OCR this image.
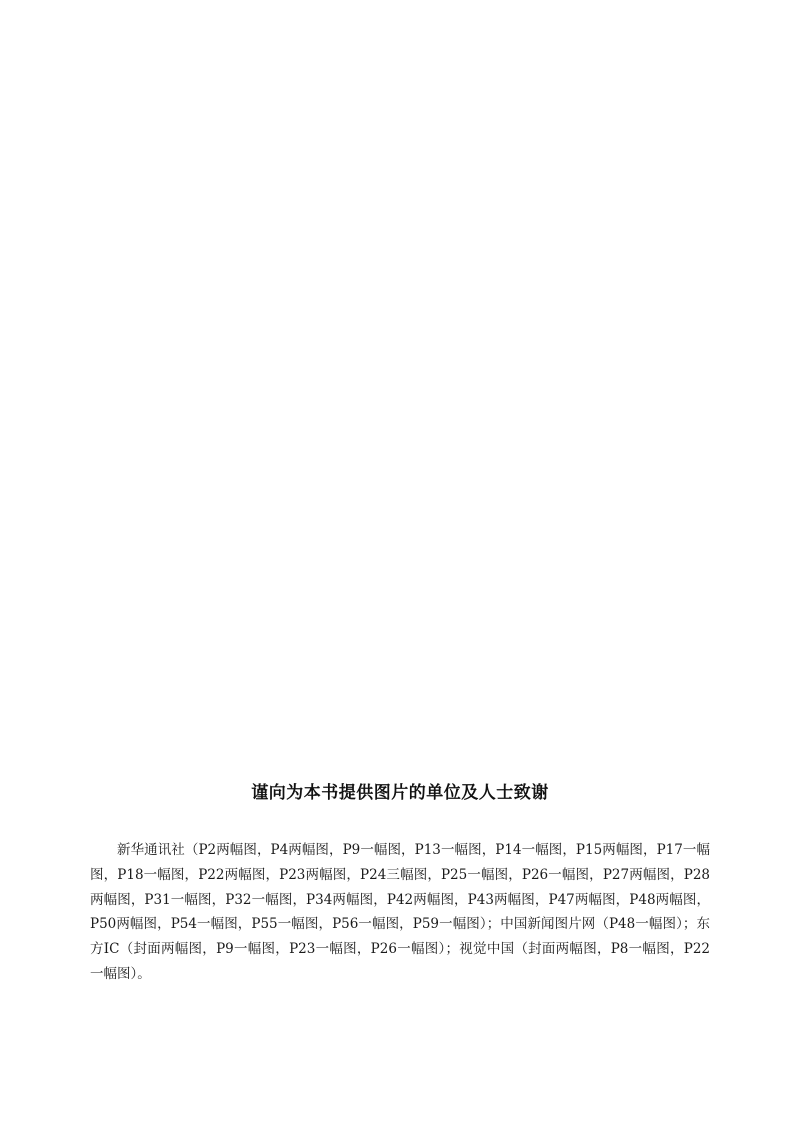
谨向为本书提供图片的单位及人士致谢

新华通讯社（P2两幅图，P4两幅图，P9一幅图，P13一幅图，P14一幅图，P15两幅图，P17一幅图，P18一幅图，P22两幅图，P23两幅图，P24三幅图，P25一幅图，P26一幅图，P27两幅图，P28两幅图，P31一幅图，P32一幅图，P34两幅图，P42两幅图，P43两幅图，P47两幅图，P48两幅图，P50两幅图，P54一幅图，P55一幅图，P56一幅图，P59一幅图）；中国新闻图片网（P48一幅图）；东方IC（封面两幅图，P9一幅图，P23一幅图，P26一幅图）；视觉中国（封面两幅图，P8一幅图，P22一幅图）。
